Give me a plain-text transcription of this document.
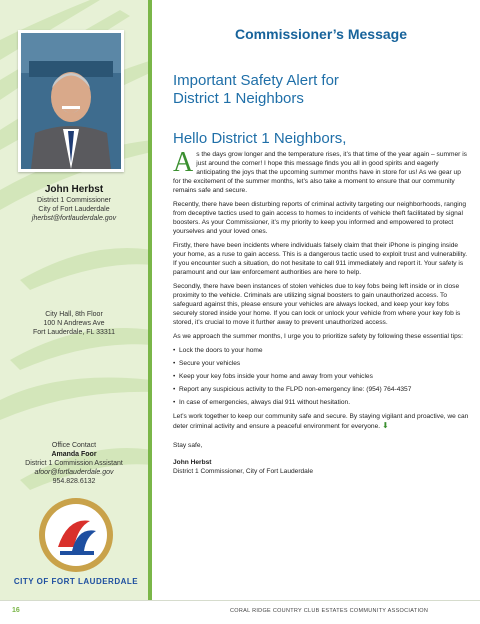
John Herbst
District 1 Commissioner
City of Fort Lauderdale
jherbst@fortlauderdale.gov
City Hall, 8th Floor
100 N Andrews Ave
Fort Lauderdale, FL 33311
Office Contact
Amanda Foor
District 1 Commission Assistant
afoor@fortlauderdale.gov
954.828.6132
CITY OF FORT LAUDERDALE
Commissioner’s Message
Important Safety Alert for
District 1 Neighbors
Hello District 1 Neighbors,

As the days grow longer and the temperature rises, it’s that time of the year again – summer is just around the corner! I hope this message finds you all in good spirits and eagerly anticipating the joys that the upcoming summer months have in store for us! As we gear up for the excitement of the summer months, let’s also take a moment to ensure that our community remains safe and secure.

Recently, there have been disturbing reports of criminal activity targeting our neighborhoods, ranging from deceptive tactics used to gain access to homes to incidents of vehicle theft facilitated by signal boosters. As your Commissioner, it’s my priority to keep you informed and empowered to protect yourselves and your loved ones.

Firstly, there have been incidents where individuals falsely claim that their iPhone is pinging inside your home, as a ruse to gain access. This is a dangerous tactic used to exploit trust and vulnerability. If you encounter such a situation, do not hesitate to call 911 immediately and report it. Your safety is paramount and our law enforcement authorities are here to help.

Secondly, there have been instances of stolen vehicles due to key fobs being left inside or in close proximity to the vehicle. Criminals are utilizing signal boosters to gain unauthorized access. To safeguard against this, please ensure your vehicles are always locked, and keep your key fobs securely stored inside your home. If you can lock or unlock your vehicle from where your key fob is stored, it’s crucial to move it further away to prevent unauthorized access.

As we approach the summer months, I urge you to prioritize safety by following these essential tips:

• Lock the doors to your home
• Secure your vehicles
• Keep your key fobs inside your home and away from your vehicles
• Report any suspicious activity to the FLPD non-emergency line: (954) 764-4357
• In case of emergencies, always dial 911 without hesitation.

Let’s work together to keep our community safe and secure. By staying vigilant and proactive, we can deter criminal activity and ensure a peaceful environment for everyone. ⬇

Stay safe,

John Herbst
District 1 Commissioner, City of Fort Lauderdale
16	CORAL RIDGE COUNTRY CLUB ESTATES COMMUNITY ASSOCIATION
